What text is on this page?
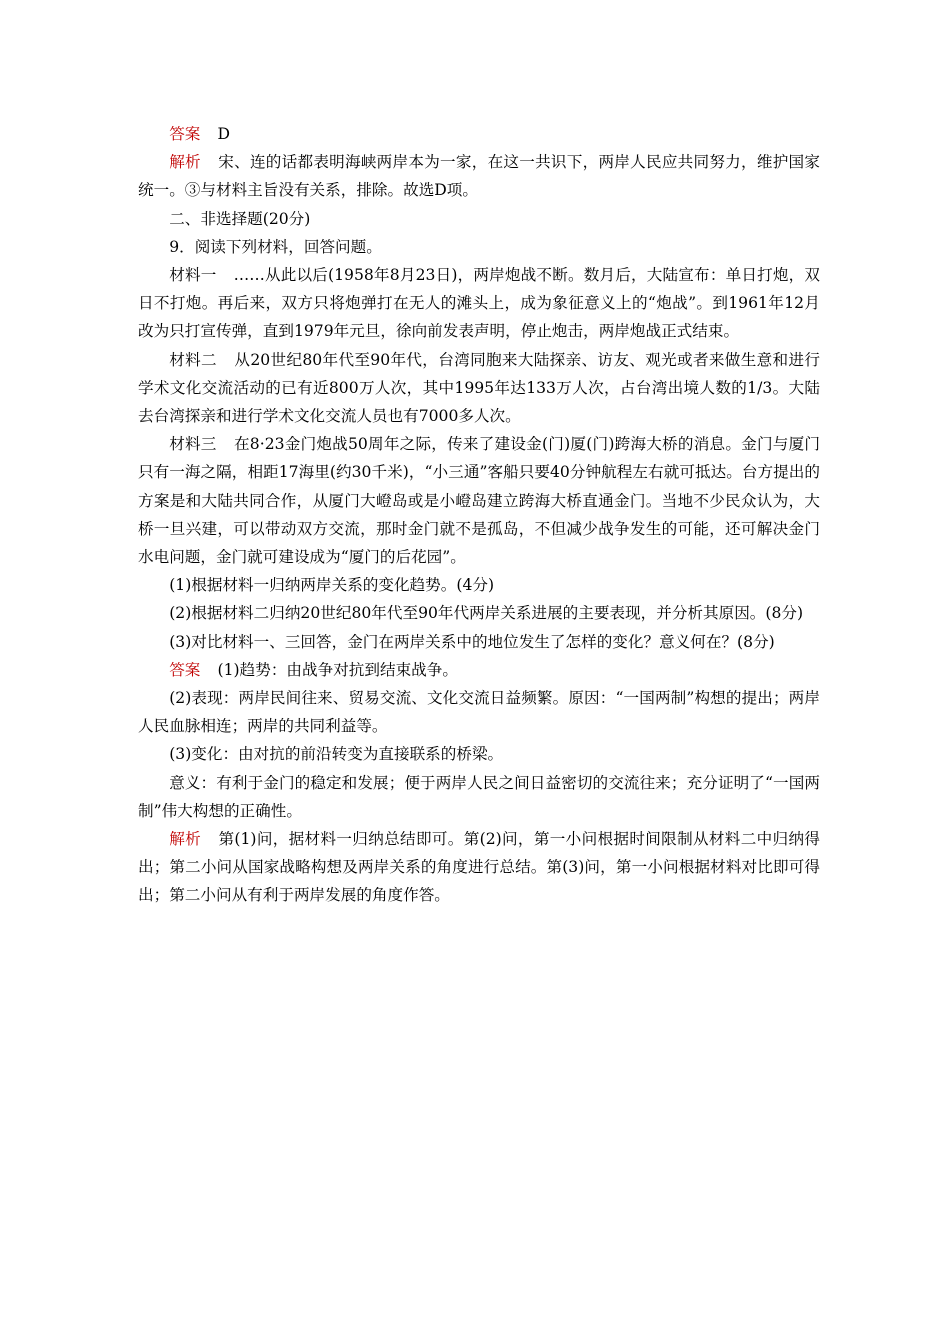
答案 D

解析 宋、连的话都表明海峡两岸本为一家，在这一共识下，两岸人民应共同努力，维护国家统一。③与材料主旨没有关系，排除。故选D项。

二、非选择题(20分)

9．阅读下列材料，回答问题。

材料一 ……从此以后(1958年8月23日)，两岸炮战不断。数月后，大陆宣布：单日打炮，双日不打炮。再后来，双方只将炮弹打在无人的滩头上，成为象征意义上的“炮战”。到1961年12月改为只打宣传弹，直到1979年元旦，徐向前发表声明，停止炮击，两岸炮战正式结束。

材料二 从20世纪80年代至90年代，台湾同胞来大陆探亲、访友、观光或者来做生意和进行学术文化交流活动的已有近800万人次，其中1995年达133万人次，占台湾出境人数的1/3。大陆去台湾探亲和进行学术文化交流人员也有7000多人次。

材料三 在8·23金门炮战50周年之际，传来了建设金(门)厦(门)跨海大桥的消息。金门与厦门只有一海之隔，相距17海里(约30千米)，“小三通”客船只要40分钟航程左右就可抵达。台方提出的方案是和大陆共同合作，从厦门大嶝岛或是小嶝岛建立跨海大桥直通金门。当地不少民众认为，大桥一旦兴建，可以带动双方交流，那时金门就不是孤岛，不但减少战争发生的可能，还可解决金门水电问题，金门就可建设成为“厦门的后花园”。

(1)根据材料一归纳两岸关系的变化趋势。(4分)

(2)根据材料二归纳20世纪80年代至90年代两岸关系进展的主要表现，并分析其原因。(8分)

(3)对比材料一、三回答，金门在两岸关系中的地位发生了怎样的变化？意义何在？(8分)

答案 (1)趋势：由战争对抗到结束战争。

(2)表现：两岸民间往来、贸易交流、文化交流日益频繁。原因：“一国两制”构想的提出；两岸人民血脉相连；两岸的共同利益等。

(3)变化：由对抗的前沿转变为直接联系的桥梁。

意义：有利于金门的稳定和发展；便于两岸人民之间日益密切的交流往来；充分证明了“一国两制”伟大构想的正确性。

解析 第(1)问，据材料一归纳总结即可。第(2)问，第一小问根据时间限制从材料二中归纳得出；第二小问从国家战略构想及两岸关系的角度进行总结。第(3)问，第一小问根据材料对比即可得出；第二小问从有利于两岸发展的角度作答。
